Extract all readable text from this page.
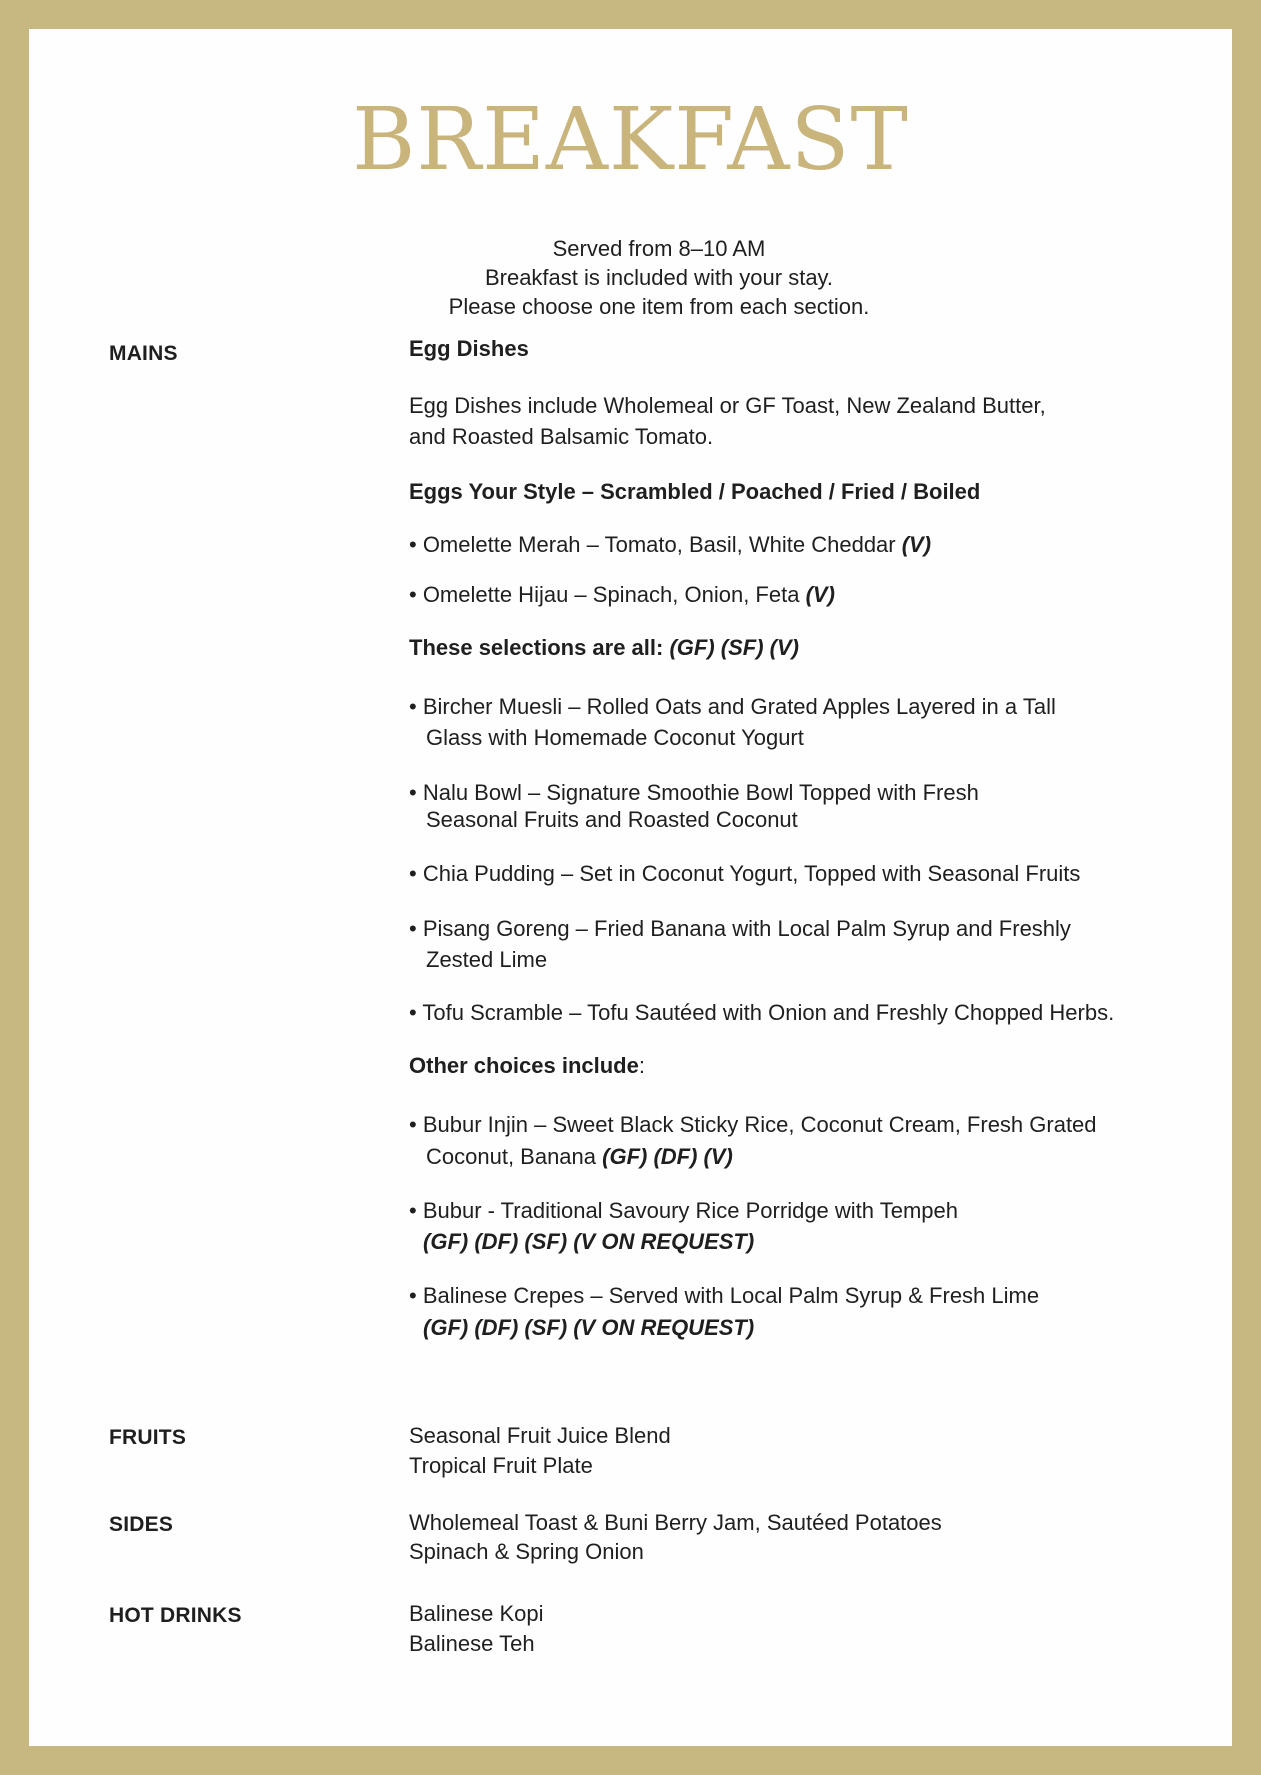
BREAKFAST
Served from 8–10 AM
Breakfast is included with your stay.
Please choose one item from each section.
MAINS	Egg Dishes
Egg Dishes include Wholemeal or GF Toast, New Zealand Butter,
and Roasted Balsamic Tomato.
Eggs Your Style – Scrambled / Poached / Fried / Boiled
• Omelette Merah – Tomato, Basil, White Cheddar (V)
• Omelette Hijau – Spinach, Onion, Feta (V)
These selections are all: (GF) (SF) (V)
• Bircher Muesli – Rolled Oats and Grated Apples Layered in a Tall
Glass with Homemade Coconut Yogurt
• Nalu Bowl – Signature Smoothie Bowl Topped with Fresh
Seasonal Fruits and Roasted Coconut
• Chia Pudding – Set in Coconut Yogurt, Topped with Seasonal Fruits
• Pisang Goreng – Fried Banana with Local Palm Syrup and Freshly
Zested Lime
• Tofu Scramble – Tofu Sautéed with Onion and Freshly Chopped Herbs.
Other choices include:
• Bubur Injin – Sweet Black Sticky Rice, Coconut Cream, Fresh Grated
Coconut, Banana (GF) (DF) (V)
• Bubur - Traditional Savoury Rice Porridge with Tempeh
(GF) (DF) (SF) (V ON REQUEST)
• Balinese Crepes – Served with Local Palm Syrup & Fresh Lime
(GF) (DF) (SF) (V ON REQUEST)
FRUITS	Seasonal Fruit Juice Blend
Tropical Fruit Plate
SIDES	Wholemeal Toast & Buni Berry Jam, Sautéed Potatoes
Spinach & Spring Onion
HOT DRINKS	Balinese Kopi
Balinese Teh
